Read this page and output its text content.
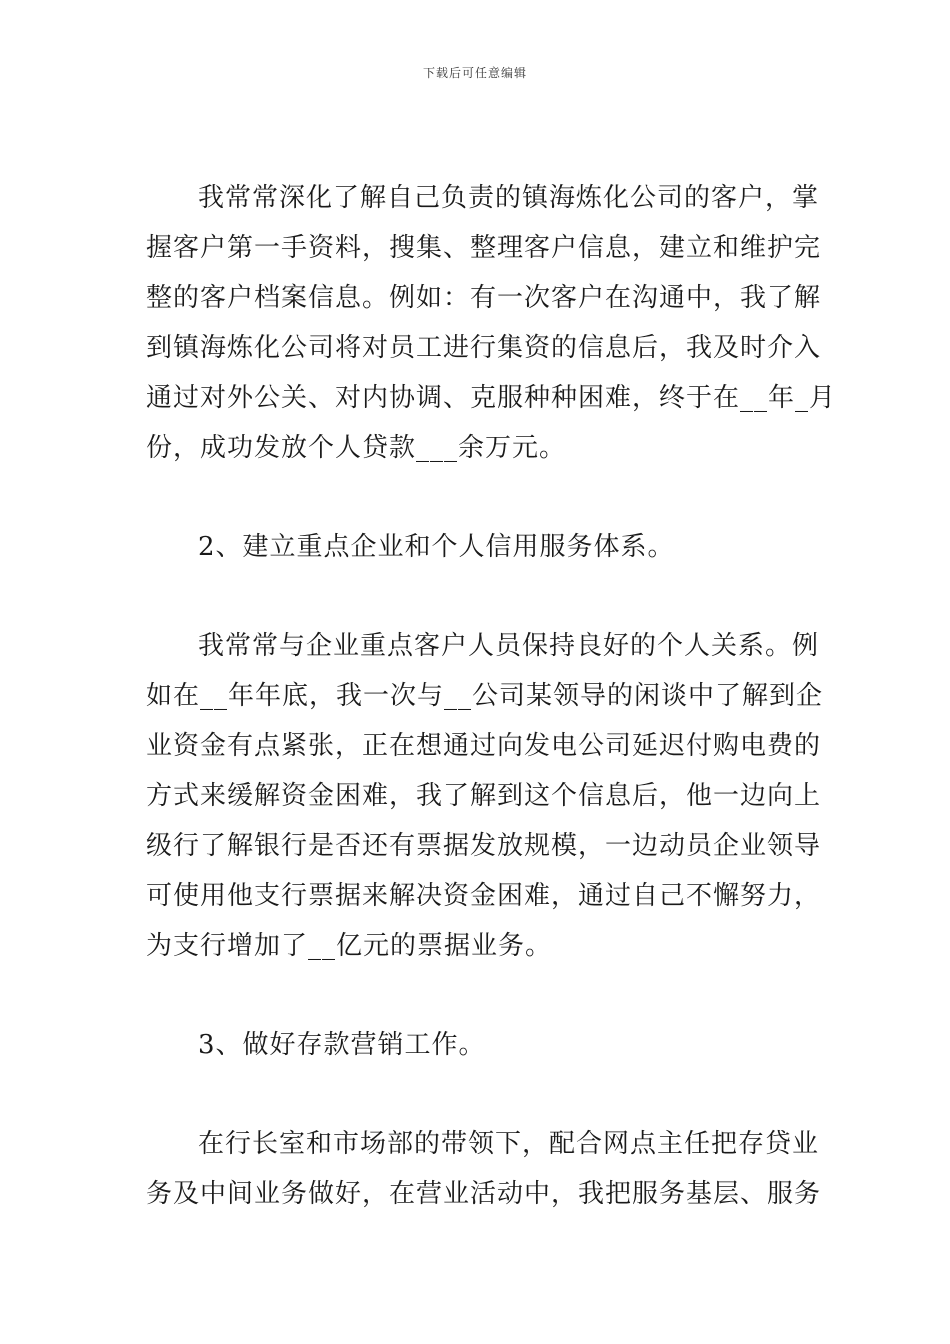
下载后可任意编辑
我常常深化了解自己负责的镇海炼化公司的客户，掌
握客户第一手资料，搜集、整理客户信息，建立和维护完
整的客户档案信息。例如：有一次客户在沟通中，我了解
到镇海炼化公司将对员工进行集资的信息后，我及时介入
通过对外公关、对内协调、克服种种困难，终于在__年_月
份，成功发放个人贷款___余万元。
2、建立重点企业和个人信用服务体系。
我常常与企业重点客户人员保持良好的个人关系。例
如在__年年底，我一次与__公司某领导的闲谈中了解到企
业资金有点紧张，正在想通过向发电公司延迟付购电费的
方式来缓解资金困难，我了解到这个信息后，他一边向上
级行了解银行是否还有票据发放规模，一边动员企业领导
可使用他支行票据来解决资金困难，通过自己不懈努力，
为支行增加了__亿元的票据业务。
3、做好存款营销工作。
在行长室和市场部的带领下，配合网点主任把存贷业
务及中间业务做好，在营业活动中，我把服务基层、服务
